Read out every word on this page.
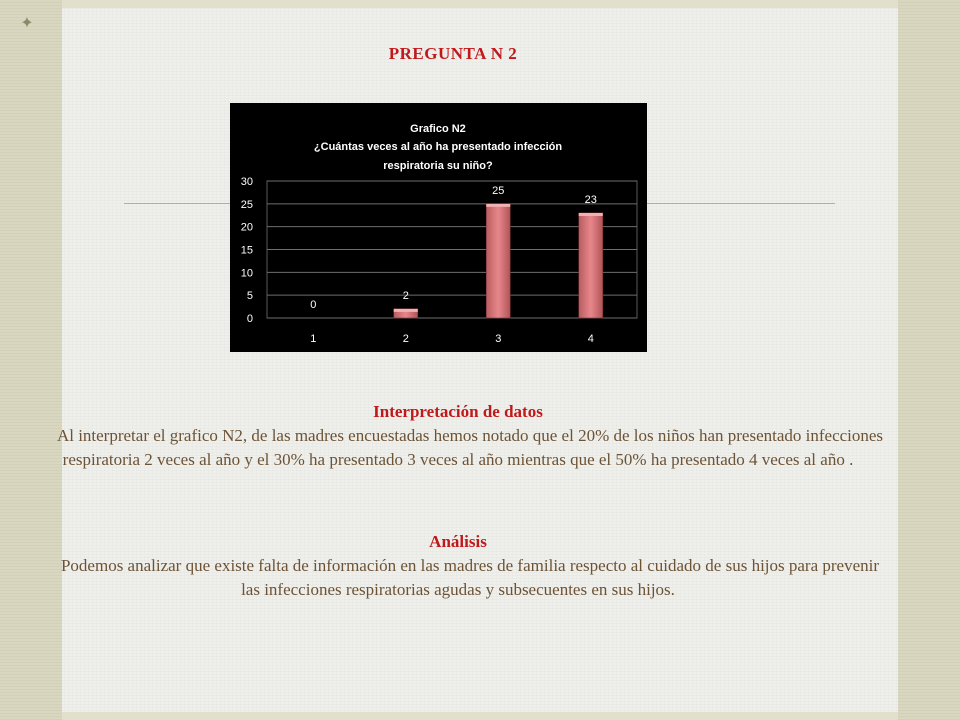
✦
PREGUNTA N 2
Grafico N2
¿Cuántas veces al año ha presentado infección
respiratoria su niño?
0
5
10
15
20
25
30
0
1
2
2
25
3
23
4
Interpretación de datos
Al interpretar el grafico N2, de las madres encuestadas hemos notado que el 20% de los niños han presentado infecciones respiratoria 2 veces al año y el 30% ha presentado 3 veces al año mientras que el 50% ha presentado 4 veces al año .
Análisis
Podemos analizar que existe falta de información en las madres de familia respecto al cuidado de sus hijos para prevenir las infecciones respiratorias agudas y subsecuentes en sus hijos.
